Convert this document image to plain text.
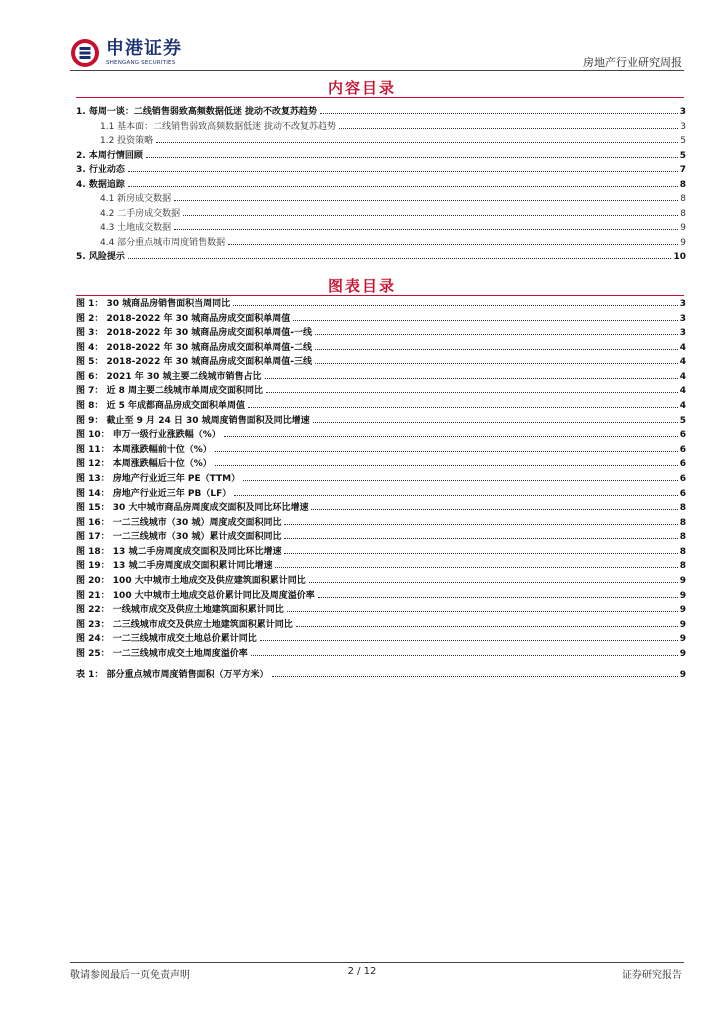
申港证券
SHENGANG SECURITIES	房地产行业研究周报
内容目录
1. 每周一谈：二线销售弱致高频数据低迷 拢动不改复苏趋势	3
1.1 基本面：二线销售弱致高频数据低迷 拢动不改复苏趋势	3
1.2 投资策略	5
2. 本周行情回顾	5
3. 行业动态	7
4. 数据追踪	8
4.1 新房成交数据	8
4.2 二手房成交数据	8
4.3 土地成交数据	9
4.4 部分重点城市周度销售数据	9
5. 风险提示	10
图表目录
图 1： 30 城商品房销售面积当周同比	3
图 2： 2018-2022 年 30 城商品房成交面积单周值	3
图 3： 2018-2022 年 30 城商品房成交面积单周值-一线	3
图 4： 2018-2022 年 30 城商品房成交面积单周值-二线	4
图 5： 2018-2022 年 30 城商品房成交面积单周值-三线	4
图 6： 2021 年 30 城主要二线城市销售占比	4
图 7： 近 8 周主要二线城市单周成交面积同比	4
图 8： 近 5 年成都商品房成交面积单周值	4
图 9： 截止至 9 月 24 日 30 城周度销售面积及同比增速	5
图 10： 申万一级行业涨跌幅（%）	6
图 11： 本周涨跌幅前十位（%）	6
图 12： 本周涨跌幅后十位（%）	6
图 13： 房地产行业近三年 PE（TTM）	6
图 14： 房地产行业近三年 PB（LF）	6
图 15： 30 大中城市商品房周度成交面积及同比环比增速	8
图 16： 一二三线城市（30 城）周度成交面积同比	8
图 17： 一二三线城市（30 城）累计成交面积同比	8
图 18： 13 城二手房周度成交面积及同比环比增速	8
图 19： 13 城二手房周度成交面积累计同比增速	8
图 20： 100 大中城市土地成交及供应建筑面积累计同比	9
图 21： 100 大中城市土地成交总价累计同比及周度溢价率	9
图 22： 一线城市成交及供应土地建筑面积累计同比	9
图 23： 二三线城市成交及供应土地建筑面积累计同比	9
图 24： 一二三线城市成交土地总价累计同比	9
图 25： 一二三线城市成交土地周度溢价率	9
表 1： 部分重点城市周度销售面积（万平方米）	9
敬请参阅最后一页免责声明	2 / 12	证券研究报告
